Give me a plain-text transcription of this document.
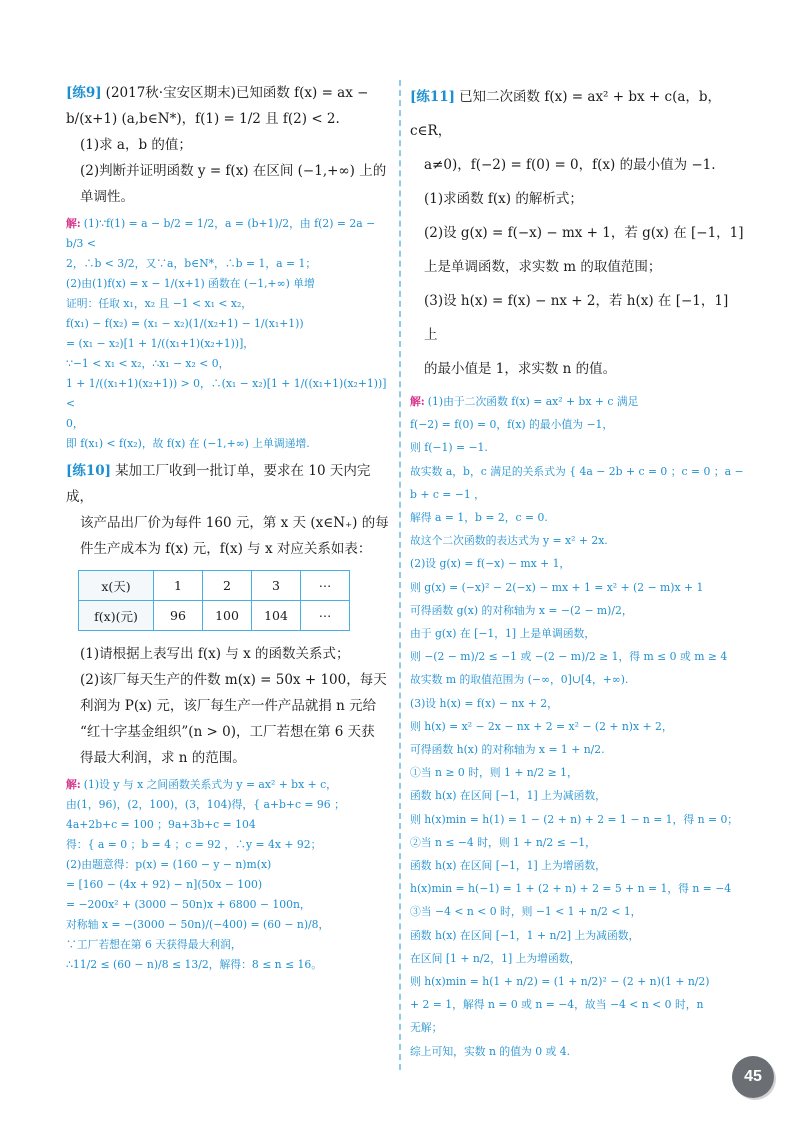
[练9] (2017秋·宝安区期末)已知函数 f(x) = ax − b/(x+1) (a,b∈N*)，f(1) = 1/2 且 f(2) < 2.

(1)求 a，b 的值；

(2)判断并证明函数 y = f(x) 在区间 (−1,+∞) 上的单调性。

解: (1)∵f(1) = a − b/2 = 1/2，a = (b+1)/2，由 f(2) = 2a − b/3 <

2，∴b < 3/2，又∵a，b∈N*，∴b = 1，a = 1；

(2)由(1)f(x) = x − 1/(x+1) 函数在 (−1,+∞) 单增

证明：任取 x₁，x₂ 且 −1 < x₁ < x₂，

f(x₁) − f(x₂) = (x₁ − x₂)(1/(x₂+1) − 1/(x₁+1))

= (x₁ − x₂)[1 + 1/((x₁+1)(x₂+1))]，

∵−1 < x₁ < x₂，∴x₁ − x₂ < 0，

1 + 1/((x₁+1)(x₂+1)) > 0，∴(x₁ − x₂)[1 + 1/((x₁+1)(x₂+1))] <

0，

即 f(x₁) < f(x₂)，故 f(x) 在 (−1,+∞) 上单调递增.

[练10] 某加工厂收到一批订单，要求在 10 天内完成，

该产品出厂价为每件 160 元，第 x 天 (x∈N₊) 的每

件生产成本为 f(x) 元，f(x) 与 x 对应关系如表：

x(天)	1	2	3	⋯
f(x)(元)	96	100	104	⋯

(1)请根据上表写出 f(x) 与 x 的函数关系式；

(2)该厂每天生产的件数 m(x) = 50x + 100，每天

利润为 P(x) 元，该厂每生产一件产品就捐 n 元给

“红十字基金组织”(n > 0)，工厂若想在第 6 天获

得最大利润，求 n 的范围。

解: (1)设 y 与 x 之间函数关系式为 y = ax² + bx + c，

由(1，96)，(2，100)，(3，104)得，{ a+b+c = 96 ；4a+2b+c = 100 ；9a+3b+c = 104

得：{ a = 0 ；b = 4 ；c = 92 ，∴y = 4x + 92；

(2)由题意得：p(x) = (160 − y − n)m(x)

= [160 − (4x + 92) − n](50x − 100)

= −200x² + (3000 − 50n)x + 6800 − 100n，

对称轴 x = −(3000 − 50n)/(−400) = (60 − n)/8，

∵工厂若想在第 6 天获得最大利润，

∴11/2 ≤ (60 − n)/8 ≤ 13/2，解得：8 ≤ n ≤ 16。

[练11] 已知二次函数 f(x) = ax² + bx + c(a，b，c∈R，

a≠0)，f(−2) = f(0) = 0，f(x) 的最小值为 −1.

(1)求函数 f(x) 的解析式；

(2)设 g(x) = f(−x) − mx + 1，若 g(x) 在 [−1，1]

上是单调函数，求实数 m 的取值范围；

(3)设 h(x) = f(x) − nx + 2，若 h(x) 在 [−1，1] 上

的最小值是 1，求实数 n 的值。

解: (1)由于二次函数 f(x) = ax² + bx + c 满足

f(−2) = f(0) = 0，f(x) 的最小值为 −1，

则 f(−1) = −1.

故实数 a，b，c 满足的关系式为 { 4a − 2b + c = 0 ；c = 0 ；a − b + c = −1 ，

解得 a = 1，b = 2，c = 0.

故这个二次函数的表达式为 y = x² + 2x.

(2)设 g(x) = f(−x) − mx + 1，

则 g(x) = (−x)² − 2(−x) − mx + 1 = x² + (2 − m)x + 1

可得函数 g(x) 的对称轴为 x = −(2 − m)/2，

由于 g(x) 在 [−1，1] 上是单调函数，

则 −(2 − m)/2 ≤ −1 或 −(2 − m)/2 ≥ 1，得 m ≤ 0 或 m ≥ 4

故实数 m 的取值范围为 (−∞，0]∪[4，+∞).

(3)设 h(x) = f(x) − nx + 2，

则 h(x) = x² − 2x − nx + 2 = x² − (2 + n)x + 2，

可得函数 h(x) 的对称轴为 x = 1 + n/2.

①当 n ≥ 0 时，则 1 + n/2 ≥ 1，

函数 h(x) 在区间 [−1，1] 上为减函数，

则 h(x)min = h(1) = 1 − (2 + n) + 2 = 1 − n = 1，得 n = 0；

②当 n ≤ −4 时，则 1 + n/2 ≤ −1，

函数 h(x) 在区间 [−1，1] 上为增函数，

h(x)min = h(−1) = 1 + (2 + n) + 2 = 5 + n = 1，得 n = −4

③当 −4 < n < 0 时，则 −1 < 1 + n/2 < 1，

函数 h(x) 在区间 [−1，1 + n/2] 上为减函数，

在区间 [1 + n/2，1] 上为增函数，

则 h(x)min = h(1 + n/2) = (1 + n/2)² − (2 + n)(1 + n/2)

+ 2 = 1，解得 n = 0 或 n = −4，故当 −4 < n < 0 时，n

无解；

综上可知，实数 n 的值为 0 或 4.

45
